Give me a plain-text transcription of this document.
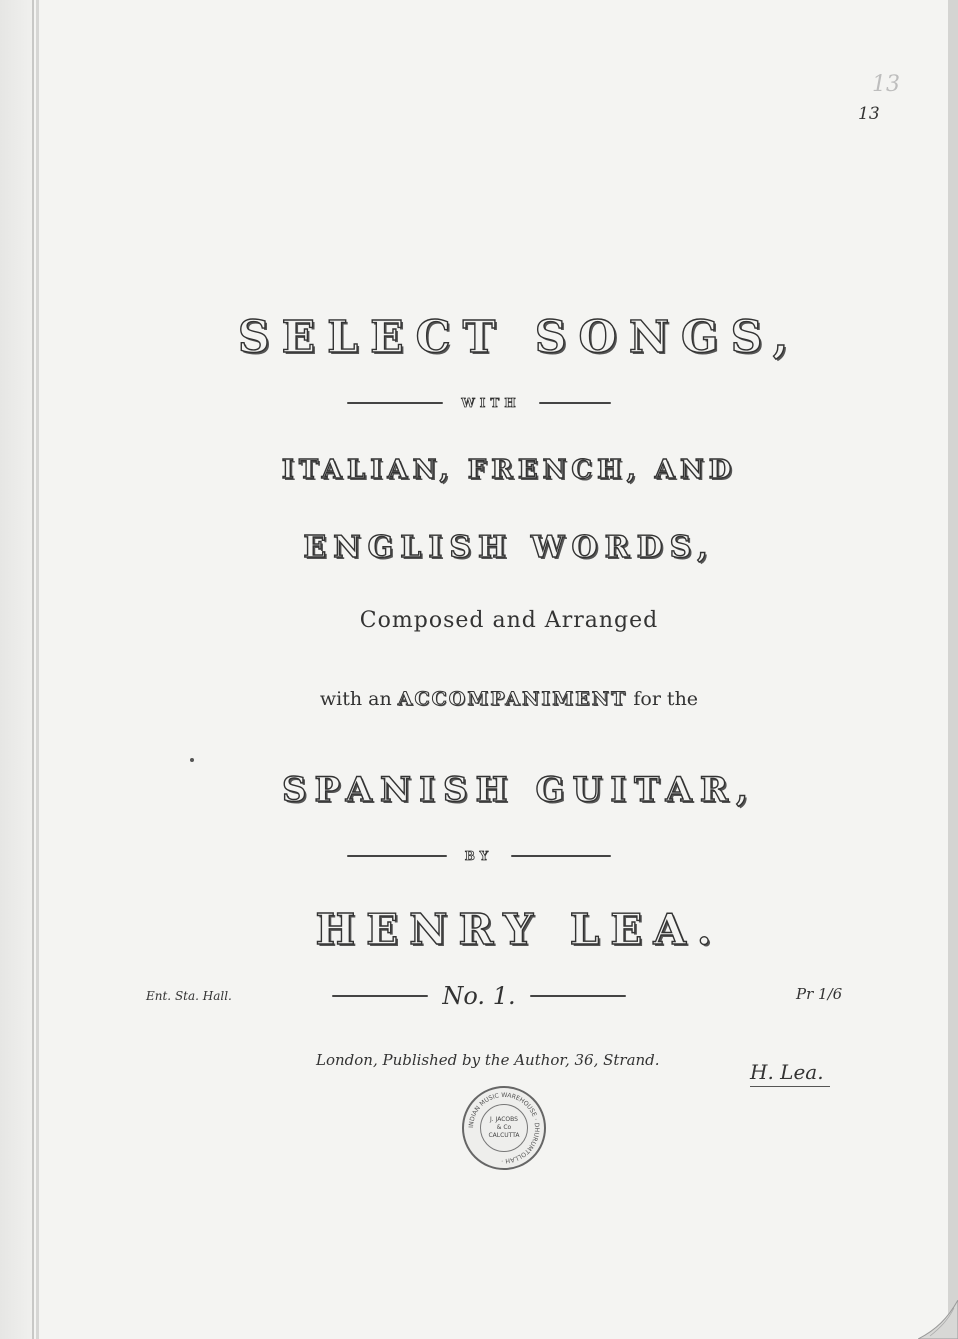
13
13
SELECT SONGS,
WITH
ITALIAN, FRENCH, AND
ENGLISH WORDS,
Composed and Arranged
with an ACCOMPANIMENT for the
SPANISH GUITAR,
BY
HENRY LEA.
Ent. Sta. Hall.	No. 1.	Pr 1/6
London, Published by the Author, 36, Strand.	H. Lea.
INDIAN MUSIC WAREHOUSE · DHURUMTOLLAH ·
J. JACOBS
& Co
CALCUTTA
